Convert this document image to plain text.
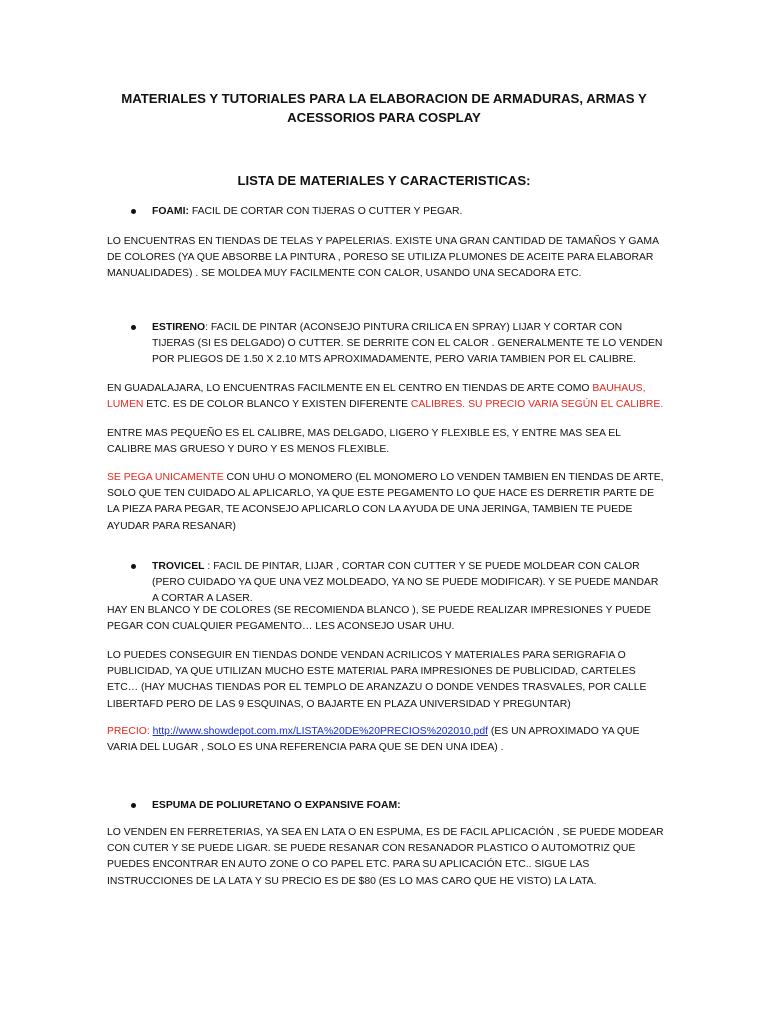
MATERIALES Y TUTORIALES PARA LA ELABORACION DE ARMADURAS, ARMAS Y ACESSORIOS PARA COSPLAY
LISTA DE MATERIALES Y CARACTERISTICAS:

FOAMI: FACIL DE CORTAR CON TIJERAS O CUTTER Y PEGAR.

LO ENCUENTRAS EN TIENDAS DE TELAS Y PAPELERIAS. EXISTE UNA GRAN CANTIDAD DE TAMAÑOS Y GAMA DE COLORES (YA QUE ABSORBE LA PINTURA , PORESO SE UTILIZA PLUMONES DE ACEITE PARA ELABORAR MANUALIDADES) . SE MOLDEA MUY FACILMENTE CON CALOR, USANDO UNA SECADORA ETC.

ESTIRENO: FACIL DE PINTAR (ACONSEJO PINTURA CRILICA EN SPRAY) LIJAR Y CORTAR CON TIJERAS (SI ES DELGADO) O CUTTER. SE DERRITE CON EL CALOR . GENERALMENTE TE LO VENDEN POR PLIEGOS DE 1.50 X 2.10 MTS APROXIMADAMENTE, PERO VARIA TAMBIEN POR EL CALIBRE.

EN GUADALAJARA, LO ENCUENTRAS FACILMENTE EN EL CENTRO EN TIENDAS DE ARTE COMO BAUHAUS, LUMEN ETC. ES DE COLOR BLANCO Y EXISTEN DIFERENTE CALIBRES. SU PRECIO VARIA SEGÚN EL CALIBRE.

ENTRE MAS PEQUEÑO ES EL CALIBRE, MAS DELGADO, LIGERO Y FLEXIBLE ES, Y ENTRE MAS SEA EL CALIBRE MAS GRUESO Y DURO Y ES MENOS FLEXIBLE.

SE PEGA UNICAMENTE CON UHU O MONOMERO (EL MONOMERO LO VENDEN TAMBIEN EN TIENDAS DE ARTE, SOLO QUE TEN CUIDADO AL APLICARLO, YA QUE ESTE PEGAMENTO LO QUE HACE ES DERRETIR PARTE DE LA PIEZA PARA PEGAR, TE ACONSEJO APLICARLO CON LA AYUDA DE UNA JERINGA, TAMBIEN TE PUEDE AYUDAR PARA RESANAR)

TROVICEL : FACIL DE PINTAR, LIJAR , CORTAR CON CUTTER Y SE PUEDE MOLDEAR CON CALOR (PERO CUIDADO YA QUE UNA VEZ MOLDEADO, YA NO SE PUEDE MODIFICAR). Y SE PUEDE MANDAR A CORTAR A LASER.

HAY EN BLANCO Y DE COLORES (SE RECOMIENDA BLANCO ), SE PUEDE REALIZAR IMPRESIONES Y PUEDE PEGAR CON CUALQUIER PEGAMENTO… LES ACONSEJO USAR UHU.

LO PUEDES CONSEGUIR EN TIENDAS DONDE VENDAN ACRILICOS Y MATERIALES PARA SERIGRAFIA O PUBLICIDAD, YA QUE UTILIZAN MUCHO ESTE MATERIAL PARA IMPRESIONES DE PUBLICIDAD, CARTELES ETC… (HAY MUCHAS TIENDAS POR EL TEMPLO DE ARANZAZU O DONDE VENDES TRASVALES, POR CALLE LIBERTAFD PERO DE LAS 9 ESQUINAS, O BAJARTE EN PLAZA UNIVERSIDAD Y PREGUNTAR)

PRECIO: http://www.showdepot.com.mx/LISTA%20DE%20PRECIOS%202010.pdf (ES UN APROXIMADO YA QUE VARIA DEL LUGAR , SOLO ES UNA REFERENCIA PARA QUE SE DEN UNA IDEA) .

ESPUMA DE POLIURETANO O EXPANSIVE FOAM:

LO VENDEN EN FERRETERIAS, YA SEA EN LATA O EN ESPUMA, ES DE FACIL APLICACIÓN , SE PUEDE MODEAR CON CUTER Y SE PUEDE LIGAR. SE PUEDE RESANAR CON RESANADOR PLASTICO O AUTOMOTRIZ QUE PUEDES ENCONTRAR EN AUTO ZONE O CO PAPEL ETC. PARA SU APLICACIÓN ETC.. SIGUE LAS INSTRUCCIONES DE LA LATA Y SU PRECIO ES DE $80 (ES LO MAS CARO QUE HE VISTO) LA LATA.
